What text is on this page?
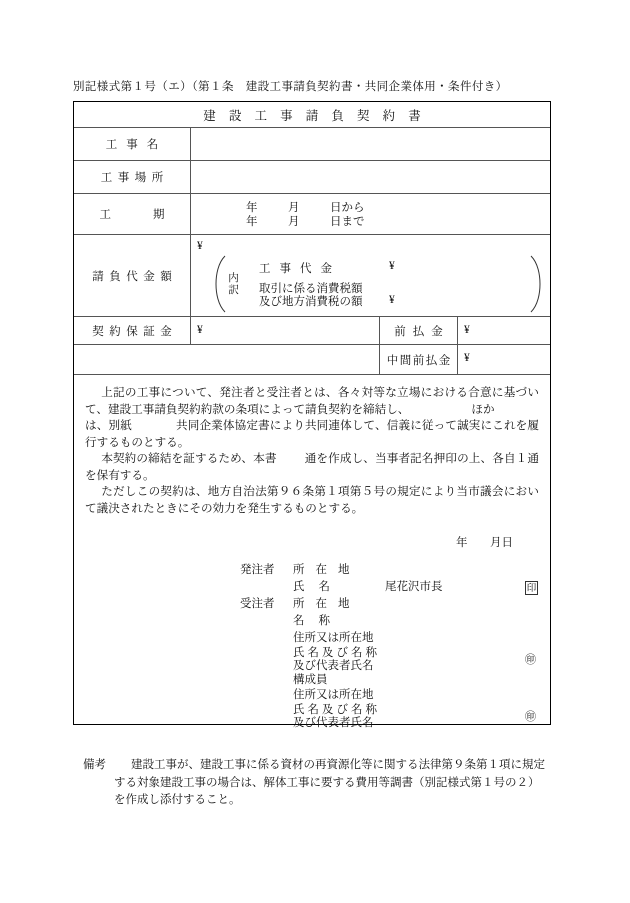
別記様式第１号（エ）（第１条　建設工事請負契約書・共同企業体用・条件付き）
建 設 工 事 請 負 契 約 書
工事名
工事場所
工期
年	月	日から
年	月	日まで
請負代金額
¥
内訳
工事代金	¥
取引に係る消費税額
及び地方消費税の額 ¥
契約保証金 ¥	前払金 ¥
中間前払金 ¥

上記の工事について、発注者と受注者とは、各々対等な立場における合意に基づいて、建設工事請負契約約款の条項によって請負契約を締結し、	ほか

は、別紙	共同企業体協定書により共同連体して、信義に従って誠実にこれを履行するものとする。

本契約の締結を証するため、本書 通を作成し、当事者記名押印の上、各自１通を保有する。

ただしこの契約は、地方自治法第９６条第１項第５号の規定により当市議会において議決されたときにその効力を発生するものとする。

年 月日
発注者	所在地
氏名	尾花沢市長	印
受注者	所在地
名称
住所又は所在地
氏名及び名称
及び代表者氏名	㊞
構成員
住所又は所在地
氏名及び名称
及び代表者氏名	㊞
備考 建設工事が、建設工事に係る資材の再資源化等に関する法律第９条第１項に規定
する対象建設工事の場合は、解体工事に要する費用等調書（別記様式第１号の２）
を作成し添付すること。
